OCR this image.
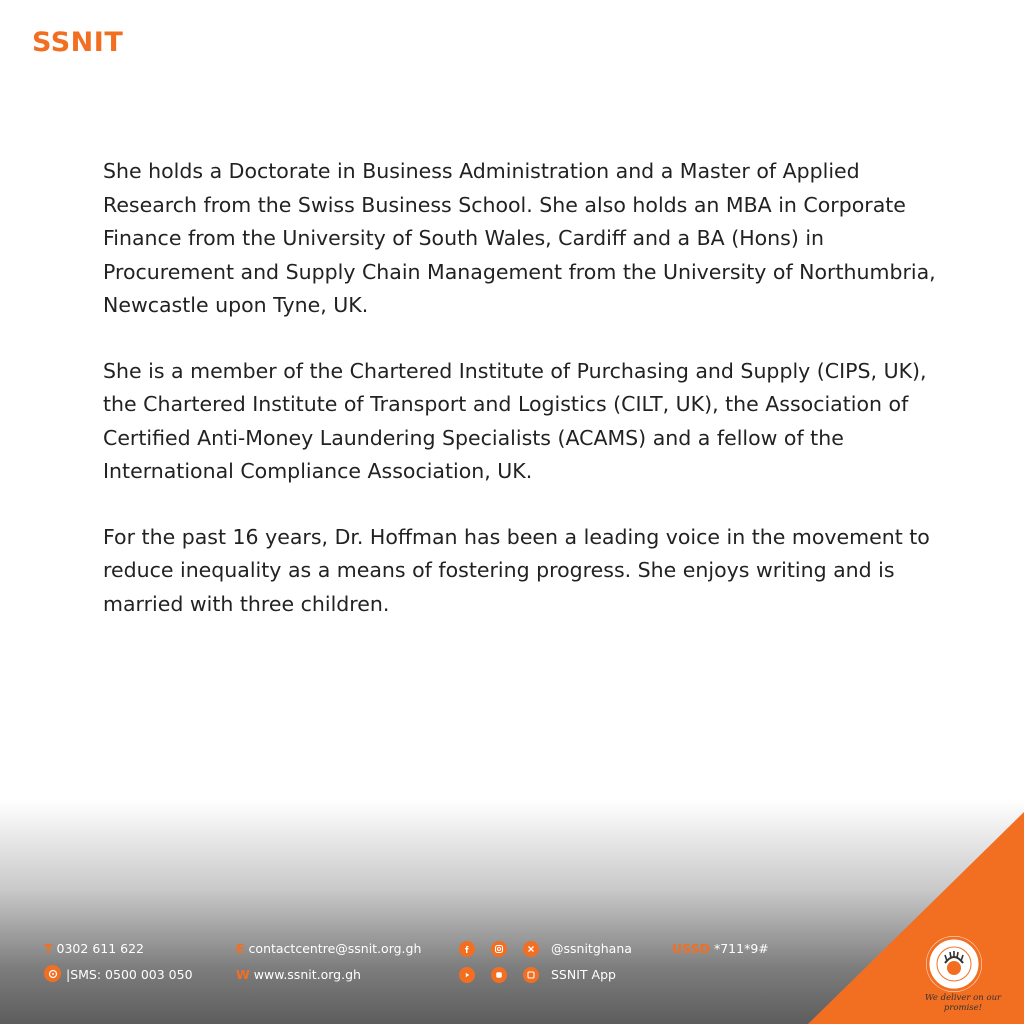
SSNIT

She holds a Doctorate in Business Administration and a Master of Applied Research from the Swiss Business School. She also holds an MBA in Corporate Finance from the University of South Wales, Cardiff and a BA (Hons) in Procurement and Supply Chain Management from the University of Northumbria, Newcastle upon Tyne, UK.

She is a member of the Chartered Institute of Purchasing and Supply (CIPS, UK), the Chartered Institute of Transport and Logistics (CILT, UK), the Association of Certified Anti-Money Laundering Specialists (ACAMS) and a fellow of the International Compliance Association, UK.

For the past 16 years, Dr. Hoffman has been a leading voice in the movement to reduce inequality as a means of fostering progress. She enjoys writing and is married with three children.

T 0302 611 622
|SMS: 0500 003 050
E contactcentre@ssnit.org.gh
W www.ssnit.org.gh
@ssnitghana
SSNIT App
USSD *711*9#
We deliver on our promise!
